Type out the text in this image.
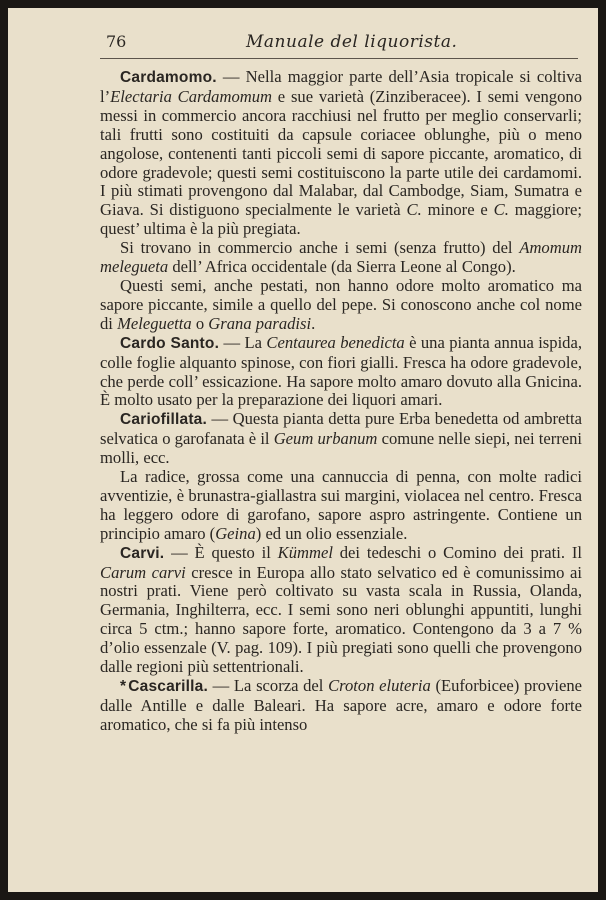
76	Manuale del liquorista.

Cardamomo. — Nella maggior parte dell’Asia tropicale si coltiva l’Electaria Cardamomum e sue varietà (Zinziberacee). I semi vengono messi in commercio ancora racchiusi nel frutto per meglio conservarli; tali frutti sono costituiti da capsule coriacee oblunghe, più o meno angolose, contenenti tanti piccoli semi di sapore piccante, aromatico, di odore gradevole; questi semi costituiscono la parte utile dei cardamomi. I più stimati provengono dal Malabar, dal Cambodge, Siam, Sumatra e Giava. Si distiguono specialmente le varietà C. minore e C. maggiore; quest’ ultima è la più pregiata.

Si trovano in commercio anche i semi (senza frutto) del Amomum melegueta dell’ Africa occidentale (da Sierra Leone al Congo).

Questi semi, anche pestati, non hanno odore molto aromatico ma sapore piccante, simile a quello del pepe. Si conoscono anche col nome di Meleguetta o Grana paradisi.

Cardo Santo. — La Centaurea benedicta è una pianta annua ispida, colle foglie alquanto spinose, con fiori gialli. Fresca ha odore gradevole, che perde coll’ essicazione. Ha sapore molto amaro dovuto alla Gnicina. È molto usato per la preparazione dei liquori amari.

Cariofillata. — Questa pianta detta pure Erba benedetta od ambretta selvatica o garofanata è il Geum urbanum comune nelle siepi, nei terreni molli, ecc.

La radice, grossa come una cannuccia di penna, con molte radici avventizie, è brunastra-giallastra sui margini, violacea nel centro. Fresca ha leggero odore di garofano, sapore aspro astringente. Contiene un principio amaro (Geina) ed un olio essenziale.

Carvi. — È questo il Kümmel dei tedeschi o Comino dei prati. Il Carum carvi cresce in Europa allo stato selvatico ed è comunissimo ai nostri prati. Viene però coltivato su vasta scala in Russia, Olanda, Germania, Inghilterra, ecc. I semi sono neri oblunghi appuntiti, lunghi circa 5 ctm.; hanno sapore forte, aromatico. Contengono da 3 a 7 % d’olio essenzale (V. pag. 109). I più pregiati sono quelli che provengono dalle regioni più settentrionali.

* Cascarilla. — La scorza del Croton eluteria (Euforbicee) proviene dalle Antille e dalle Baleari. Ha sapore acre, amaro e odore forte aromatico, che si fa più intenso
